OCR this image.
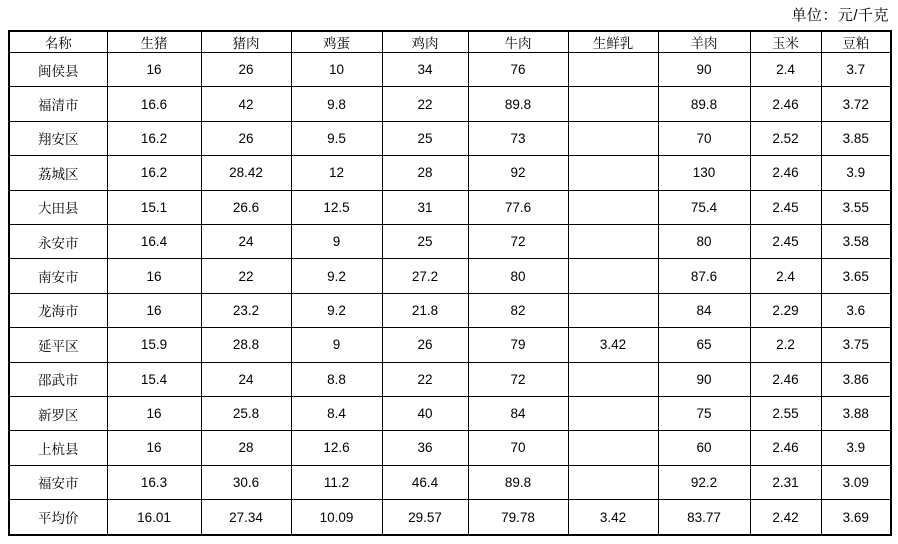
单位：元/千克
名称	生猪	猪肉	鸡蛋	鸡肉	牛肉	生鲜乳	羊肉	玉米	豆粕
闽侯县	16	26	10	34	76		90	2.4	3.7
福清市	16.6	42	9.8	22	89.8		89.8	2.46	3.72
翔安区	16.2	26	9.5	25	73		70	2.52	3.85
荔城区	16.2	28.42	12	28	92		130	2.46	3.9
大田县	15.1	26.6	12.5	31	77.6		75.4	2.45	3.55
永安市	16.4	24	9	25	72		80	2.45	3.58
南安市	16	22	9.2	27.2	80		87.6	2.4	3.65
龙海市	16	23.2	9.2	21.8	82		84	2.29	3.6
延平区	15.9	28.8	9	26	79	3.42	65	2.2	3.75
邵武市	15.4	24	8.8	22	72		90	2.46	3.86
新罗区	16	25.8	8.4	40	84		75	2.55	3.88
上杭县	16	28	12.6	36	70		60	2.46	3.9
福安市	16.3	30.6	11.2	46.4	89.8		92.2	2.31	3.09
平均价	16.01	27.34	10.09	29.57	79.78	3.42	83.77	2.42	3.69
